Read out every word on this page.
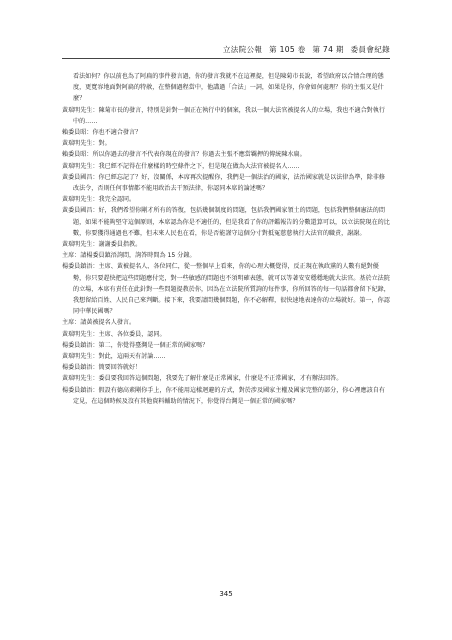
立法院公報 第 105 卷 第 74 期 委員會紀錄

看法如何？你以前也為了阿扁的事件發言過，你的發言我就不在這裡提，但是陳菊市長說，希望政府以合情合理的態度，更寬容地面對阿扁的特赦，在整個過程當中，他講過「合法」一詞，如果是你，你會如何處理？你的主張又是什麼？

黃瑞明先生：陳菊市長的發言，特別是針對一個正在執行中的個案，我以一個大法官被提名人的立場，我也不適合對執行中的……

賴委員昭：你也不適合發言？

黃瑞明先生：對。

賴委員昭：所以你過去的發言不代表你現在的發言？你過去主張不應當羈押的傳統陳水扁。

黃瑞明先生：我已經不記得在什麼樣的時空條件之下，但是現在做為大法官被提名人……

黃委員國昌：你已經忘記了？好，沒關係，本席再次提醒你，我們是一個法治的國家，法治國家就是以法律為準，除非修改法令，否則任何事情都不能用政治去干預法律，你認同本席的論述嗎？

黃瑞明先生：我完全認同。

黃委員國昌：好，我們希望你剛才所有的答復，包括幾個制度的問題，包括我們國家領土的問題，包括我們整個憲法的問題，如果不能夠堅守這個原則，本席認為你是不適任的，但是我看了你的評鑑報告的分數還算可以，以立法院現在的比數，你要獲得通過也不難，但未來人民也在看，你是否能謹守這個分寸對抵冤慈慈執行大法官的職責，謝謝。

黃瑞明先生：謝謝委員指教。

主席：請楊委員鎮浯詢問，詢答時間為 15 分鐘。

楊委員鎮浯：主席、黃被提名人、各位同仁，從一整個早上看來，你的心理大概覺得，反正現在執政黨的人數有絕對優勢，你只要趕快把這些問題應付完，對一些敏感的問題也不須明確表態，就可以等著安安穩穩地就大法官。基於立法院的立場，本席有責任在此針對一些問題提教於你，因為在立法院所質詢的每件事，你所回答的每一句話都會留下紀錄，我想留給百姓、人民自己來判斷。接下來，我要請問幾個問題，你不必解釋，很快速地表達你的立場就好。第一，你認同中華民國嗎？

主席：請黃被提名人發言。

黃瑞明先生：主席、各位委員，認同。

楊委員鎮浯：第二，你覺得臺灣是一個正常的國家嗎？

黃瑞明先生：對此，這兩天有討論……

楊委員鎮浯：簡要回答就好！

黃瑞明先生：委員要我回答這個問題，我要先了解什麼是正常國家，什麼是不正常國家，才有辦法回答。

楊委員鎮浯：假設有德高素剛你手上，你不能用這樣迴避的方式，對於涉及國家主權及國家完整的部分，你心裡應該自有定見，在這個時候及沒有其他資料輔助的情況下，你覺得台灣是一個正常的國家嗎？

345
